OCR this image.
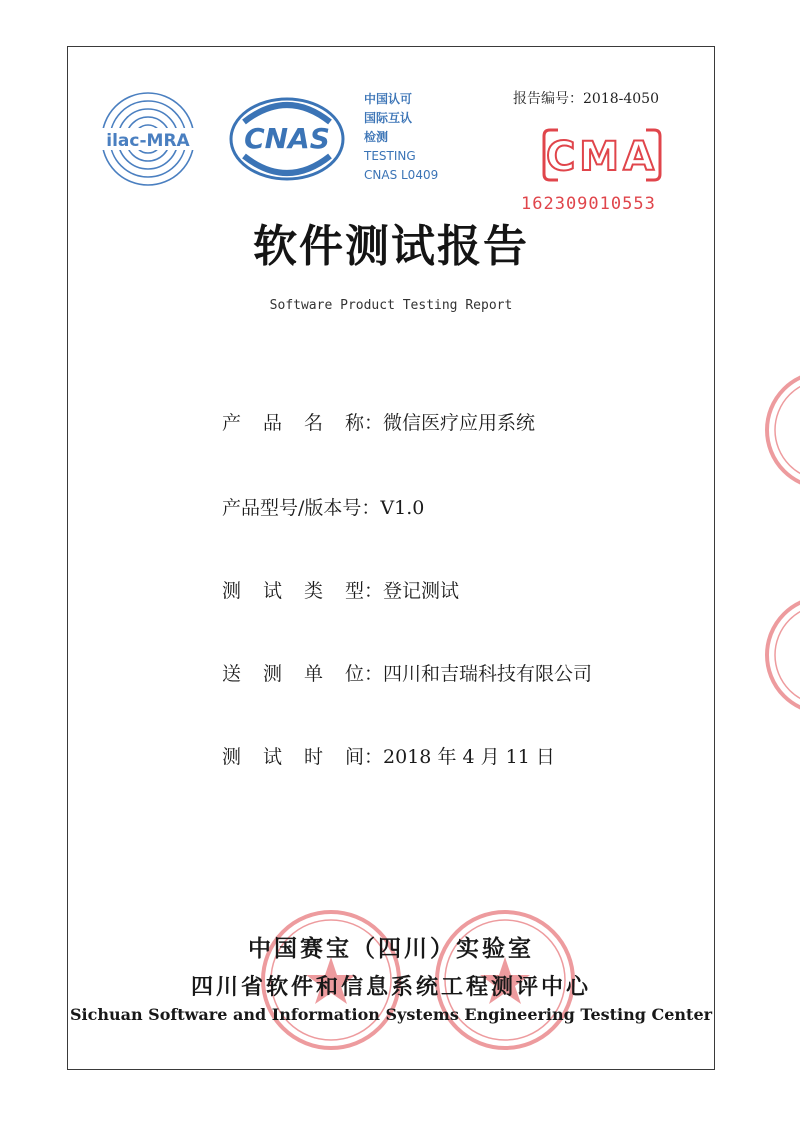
ilac-MRA CNAS
中国认可
国际互认
检测
TESTING
CNAS L0409
报告编号：2018-4050
CMA
162309010553
软件测试报告
Software Product Testing Report
产品名称：微信医疗应用系统
产品型号/版本号：V1.0
测试类型：登记测试
送测单位：四川和吉瑞科技有限公司
测试时间：2018 年 4 月 11 日
中国赛宝（四川）实验室
四川省软件和信息系统工程测评中心
Sichuan Software and Information Systems Engineering Testing Center
